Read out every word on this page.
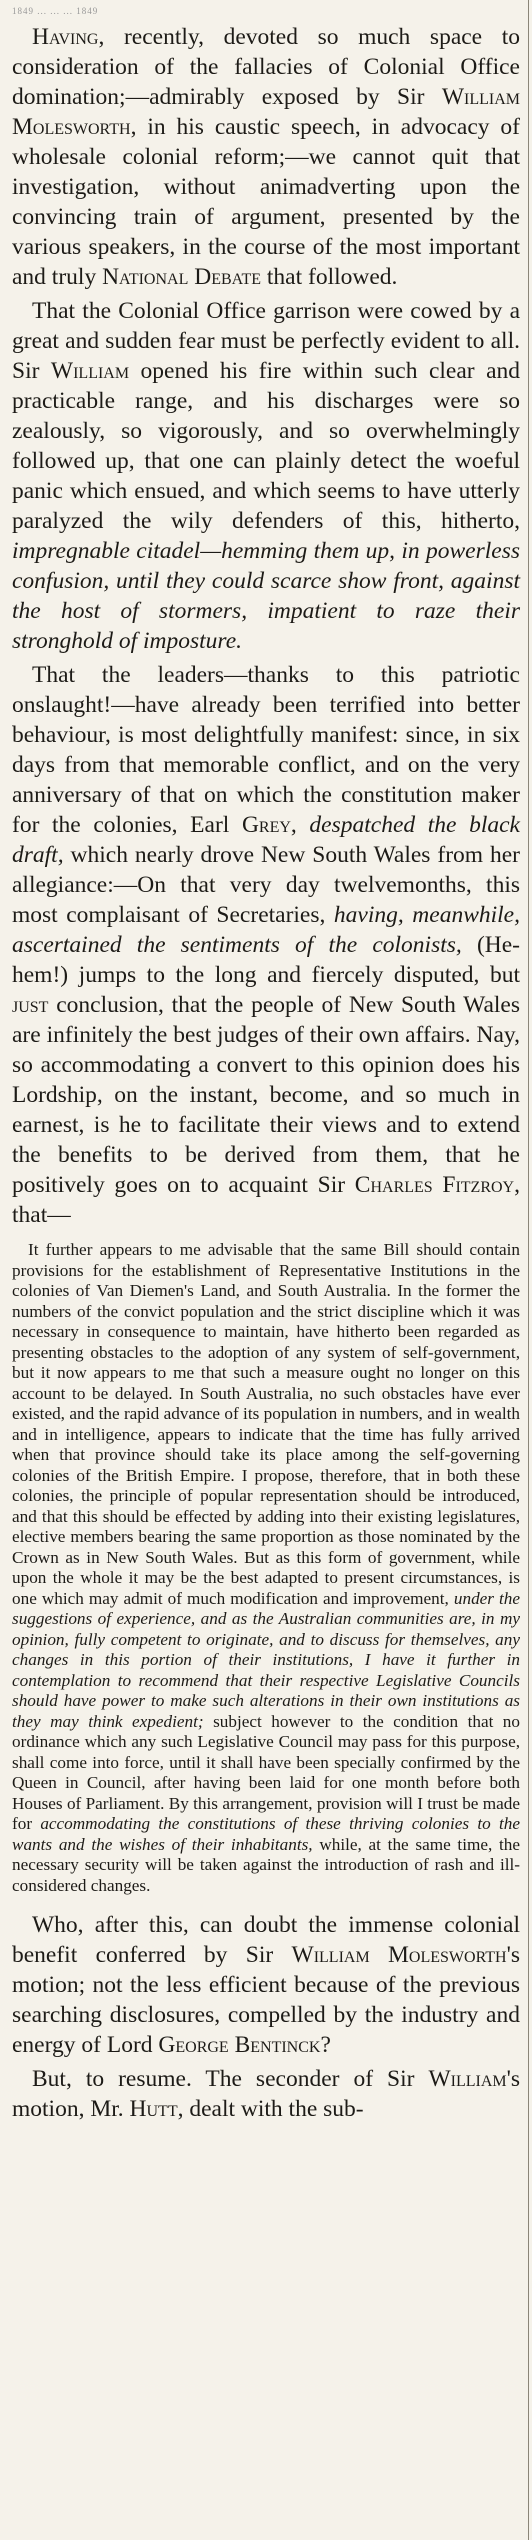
1849 ... ... ... 1849

Having, recently, devoted so much space to consideration of the fallacies of Colonial Office domination;—admirably exposed by Sir William Molesworth, in his caustic speech, in advocacy of wholesale colonial reform;—we cannot quit that investigation, without animadverting upon the convincing train of argument, presented by the various speakers, in the course of the most important and truly National Debate that followed.

That the Colonial Office garrison were cowed by a great and sudden fear must be perfectly evident to all. Sir William opened his fire within such clear and practicable range, and his discharges were so zealously, so vigorously, and so overwhelmingly followed up, that one can plainly detect the woeful panic which ensued, and which seems to have utterly paralyzed the wily defenders of this, hitherto, impregnable citadel—hemming them up, in powerless confusion, until they could scarce show front, against the host of stormers, impatient to raze their stronghold of imposture.

That the leaders—thanks to this patriotic onslaught!—have already been terrified into better behaviour, is most delightfully manifest: since, in six days from that memorable conflict, and on the very anniversary of that on which the constitution maker for the colonies, Earl Grey, despatched the black draft, which nearly drove New South Wales from her allegiance:—On that very day twelvemonths, this most complaisant of Secretaries, having, meanwhile, ascertained the sentiments of the colonists, (He-hem!) jumps to the long and fiercely disputed, but just conclusion, that the people of New South Wales are infinitely the best judges of their own affairs. Nay, so accommodating a convert to this opinion does his Lordship, on the instant, become, and so much in earnest, is he to facilitate their views and to extend the benefits to be derived from them, that he positively goes on to acquaint Sir Charles Fitzroy, that—

It further appears to me advisable that the same Bill should contain provisions for the establishment of Representative Institutions in the colonies of Van Diemen's Land, and South Australia. In the former the numbers of the convict population and the strict discipline which it was necessary in consequence to maintain, have hitherto been regarded as presenting obstacles to the adoption of any system of self-government, but it now appears to me that such a measure ought no longer on this account to be delayed. In South Australia, no such obstacles have ever existed, and the rapid advance of its population in numbers, and in wealth and in intelligence, appears to indicate that the time has fully arrived when that province should take its place among the self-governing colonies of the British Empire. I propose, therefore, that in both these colonies, the principle of popular representation should be introduced, and that this should be effected by adding into their existing legislatures, elective members bearing the same proportion as those nominated by the Crown as in New South Wales. But as this form of government, while upon the whole it may be the best adapted to present circumstances, is one which may admit of much modification and improvement, under the suggestions of experience, and as the Australian communities are, in my opinion, fully competent to originate, and to discuss for themselves, any changes in this portion of their institutions, I have it further in contemplation to recommend that their respective Legislative Councils should have power to make such alterations in their own institutions as they may think expedient; subject however to the condition that no ordinance which any such Legislative Council may pass for this purpose, shall come into force, until it shall have been specially confirmed by the Queen in Council, after having been laid for one month before both Houses of Parliament. By this arrangement, provision will I trust be made for accommodating the constitutions of these thriving colonies to the wants and the wishes of their inhabitants, while, at the same time, the necessary security will be taken against the introduction of rash and ill-considered changes.

Who, after this, can doubt the immense colonial benefit conferred by Sir William Molesworth's motion; not the less efficient because of the previous searching disclosures, compelled by the industry and energy of Lord George Bentinck?

But, to resume. The seconder of Sir William's motion, Mr. Hutt, dealt with the sub-
